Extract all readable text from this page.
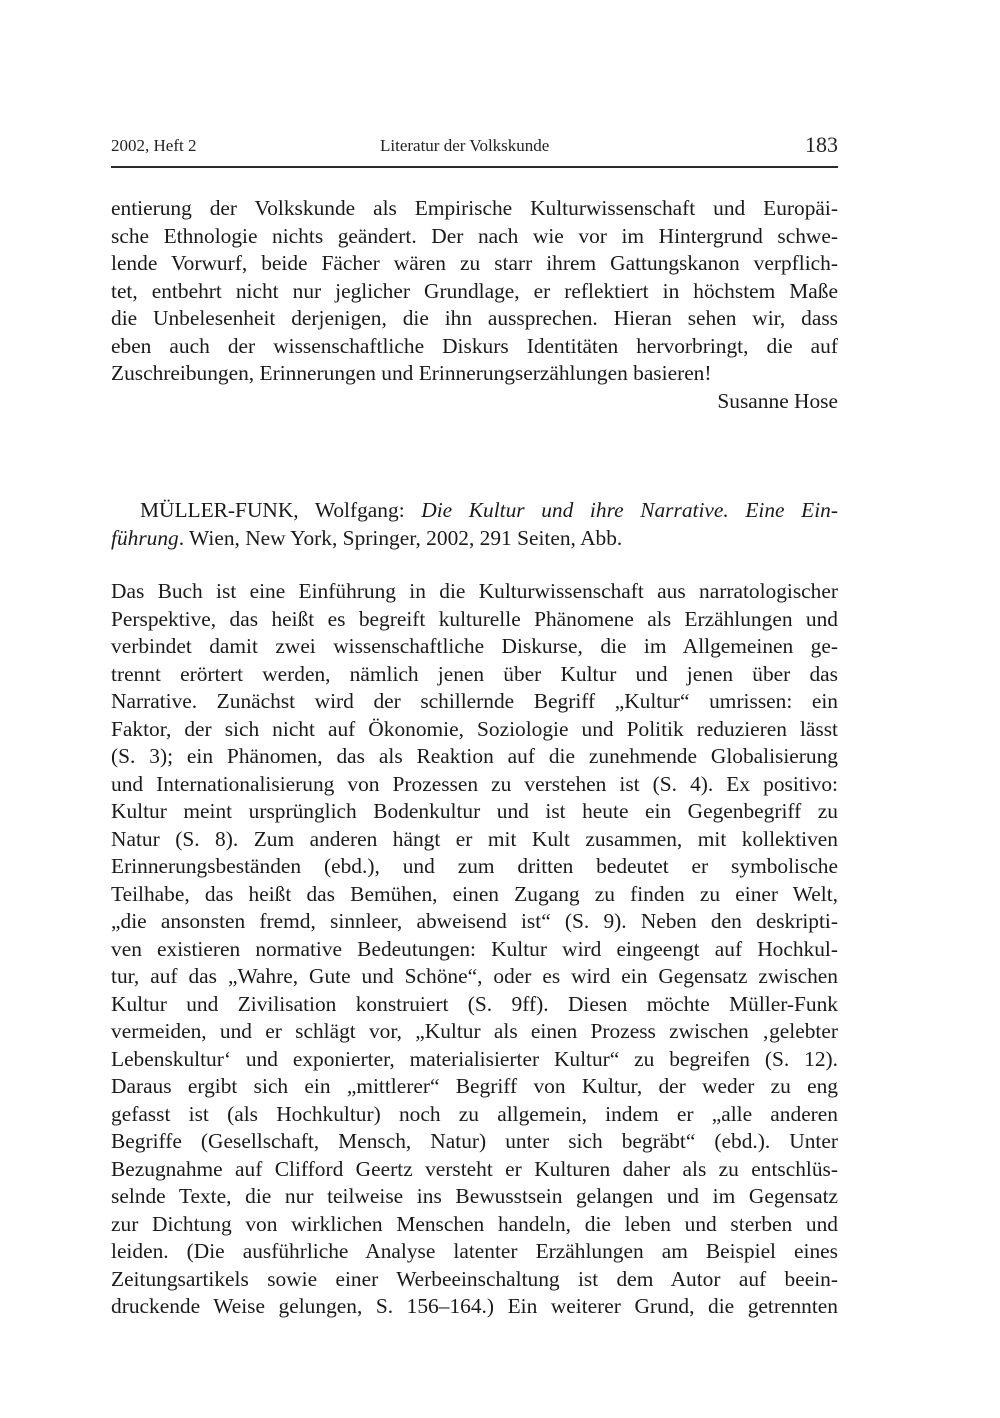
2002, Heft 2	Literatur der Volkskunde	183
entierung der Volkskunde als Empirische Kulturwissenschaft und Europäi-
sche Ethnologie nichts geändert. Der nach wie vor im Hintergrund schwe-
lende Vorwurf, beide Fächer wären zu starr ihrem Gattungskanon verpflich-
tet, entbehrt nicht nur jeglicher Grundlage, er reflektiert in höchstem Maße
die Unbelesenheit derjenigen, die ihn aussprechen. Hieran sehen wir, dass
eben auch der wissenschaftliche Diskurs Identitäten hervorbringt, die auf
Zuschreibungen, Erinnerungen und Erinnerungserzählungen basieren!
Susanne Hose
MÜLLER-FUNK, Wolfgang: Die Kultur und ihre Narrative. Eine Ein-
führung. Wien, New York, Springer, 2002, 291 Seiten, Abb.
Das Buch ist eine Einführung in die Kulturwissenschaft aus narratologischer
Perspektive, das heißt es begreift kulturelle Phänomene als Erzählungen und
verbindet damit zwei wissenschaftliche Diskurse, die im Allgemeinen ge-
trennt erörtert werden, nämlich jenen über Kultur und jenen über das
Narrative. Zunächst wird der schillernde Begriff „Kultur“ umrissen: ein
Faktor, der sich nicht auf Ökonomie, Soziologie und Politik reduzieren lässt
(S. 3); ein Phänomen, das als Reaktion auf die zunehmende Globalisierung
und Internationalisierung von Prozessen zu verstehen ist (S. 4). Ex positivo:
Kultur meint ursprünglich Bodenkultur und ist heute ein Gegenbegriff zu
Natur (S. 8). Zum anderen hängt er mit Kult zusammen, mit kollektiven
Erinnerungsbeständen (ebd.), und zum dritten bedeutet er symbolische
Teilhabe, das heißt das Bemühen, einen Zugang zu finden zu einer Welt,
„die ansonsten fremd, sinnleer, abweisend ist“ (S. 9). Neben den deskripti-
ven existieren normative Bedeutungen: Kultur wird eingeengt auf Hochkul-
tur, auf das „Wahre, Gute und Schöne“, oder es wird ein Gegensatz zwischen
Kultur und Zivilisation konstruiert (S. 9ff). Diesen möchte Müller-Funk
vermeiden, und er schlägt vor, „Kultur als einen Prozess zwischen ‚gelebter
Lebenskultur‘ und exponierter, materialisierter Kultur“ zu begreifen (S. 12).
Daraus ergibt sich ein „mittlerer“ Begriff von Kultur, der weder zu eng
gefasst ist (als Hochkultur) noch zu allgemein, indem er „alle anderen
Begriffe (Gesellschaft, Mensch, Natur) unter sich begräbt“ (ebd.). Unter
Bezugnahme auf Clifford Geertz versteht er Kulturen daher als zu entschlüs-
selnde Texte, die nur teilweise ins Bewusstsein gelangen und im Gegensatz
zur Dichtung von wirklichen Menschen handeln, die leben und sterben und
leiden. (Die ausführliche Analyse latenter Erzählungen am Beispiel eines
Zeitungsartikels sowie einer Werbeeinschaltung ist dem Autor auf beein-
druckende Weise gelungen, S. 156–164.) Ein weiterer Grund, die getrennten
